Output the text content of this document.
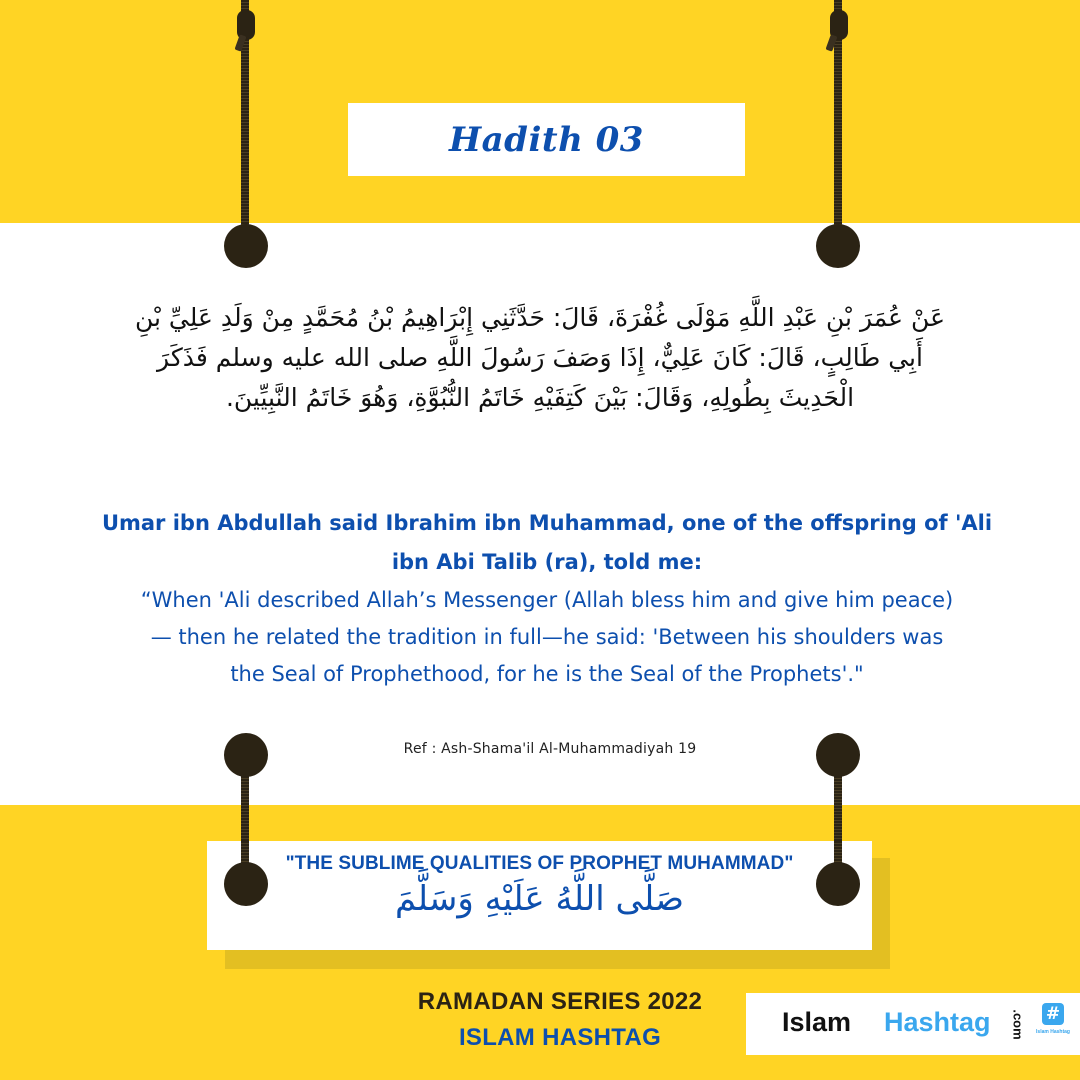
Hadith 03
عَنْ عُمَرَ بْنِ عَبْدِ اللَّهِ مَوْلَى غُفْرَةَ، قَالَ: حَدَّثَنِي إِبْرَاهِيمُ بْنُ مُحَمَّدٍ مِنْ وَلَدِ عَلِيِّ بْنِ
أَبِي طَالِبٍ، قَالَ: كَانَ عَلِيٌّ، إِذَا وَصَفَ رَسُولَ اللَّهِ صلى الله عليه وسلم فَذَكَرَ
الْحَدِيثَ بِطُولِهِ، وَقَالَ: بَيْنَ كَتِفَيْهِ خَاتَمُ النُّبُوَّةِ، وَهُوَ خَاتَمُ النَّبِيِّينَ.
Umar ibn Abdullah said Ibrahim ibn Muhammad, one of the offspring of 'Ali
ibn Abi Talib (ra), told me:
“When 'Ali described Allah’s Messenger (Allah bless him and give him peace)
— then he related the tradition in full—he said: 'Between his shoulders was
the Seal of Prophethood, for he is the Seal of the Prophets'."
Ref : Ash-Shama'il Al-Muhammadiyah 19
"THE SUBLIME QUALITIES OF PROPHET MUHAMMAD"
صَلَّى اللَّهُ عَلَيْهِ وَسَلَّمَ
RAMADAN SERIES 2022
ISLAM HASHTAG
Islam Hashtag .com #
Islam Hashtag
